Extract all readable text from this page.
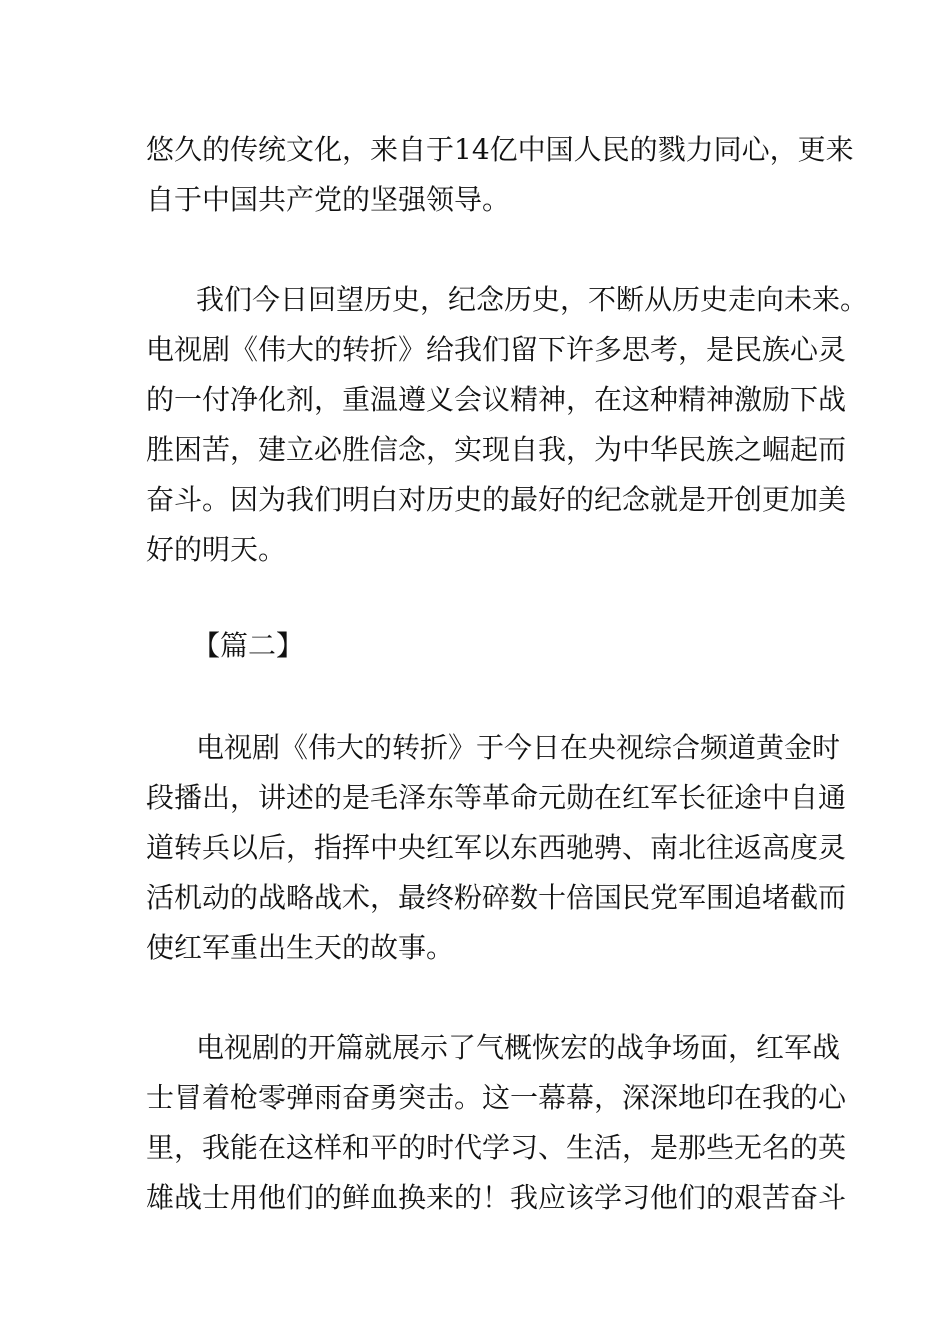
悠久的传统文化，来自于14亿中国人民的戮力同心，更来

自于中国共产党的坚强领导。

我们今日回望历史，纪念历史，不断从历史走向未来。

电视剧《伟大的转折》给我们留下许多思考，是民族心灵

的一付净化剂，重温遵义会议精神，在这种精神激励下战

胜困苦，建立必胜信念，实现自我，为中华民族之崛起而

奋斗。因为我们明白对历史的最好的纪念就是开创更加美

好的明天。

【篇二】

电视剧《伟大的转折》于今日在央视综合频道黄金时

段播出，讲述的是毛泽东等革命元勋在红军长征途中自通

道转兵以后，指挥中央红军以东西驰骋、南北往返高度灵

活机动的战略战术，最终粉碎数十倍国民党军围追堵截而

使红军重出生天的故事。

电视剧的开篇就展示了气概恢宏的战争场面，红军战

士冒着枪零弹雨奋勇突击。这一幕幕，深深地印在我的心

里，我能在这样和平的时代学习、生活，是那些无名的英

雄战士用他们的鲜血换来的！我应该学习他们的艰苦奋斗
